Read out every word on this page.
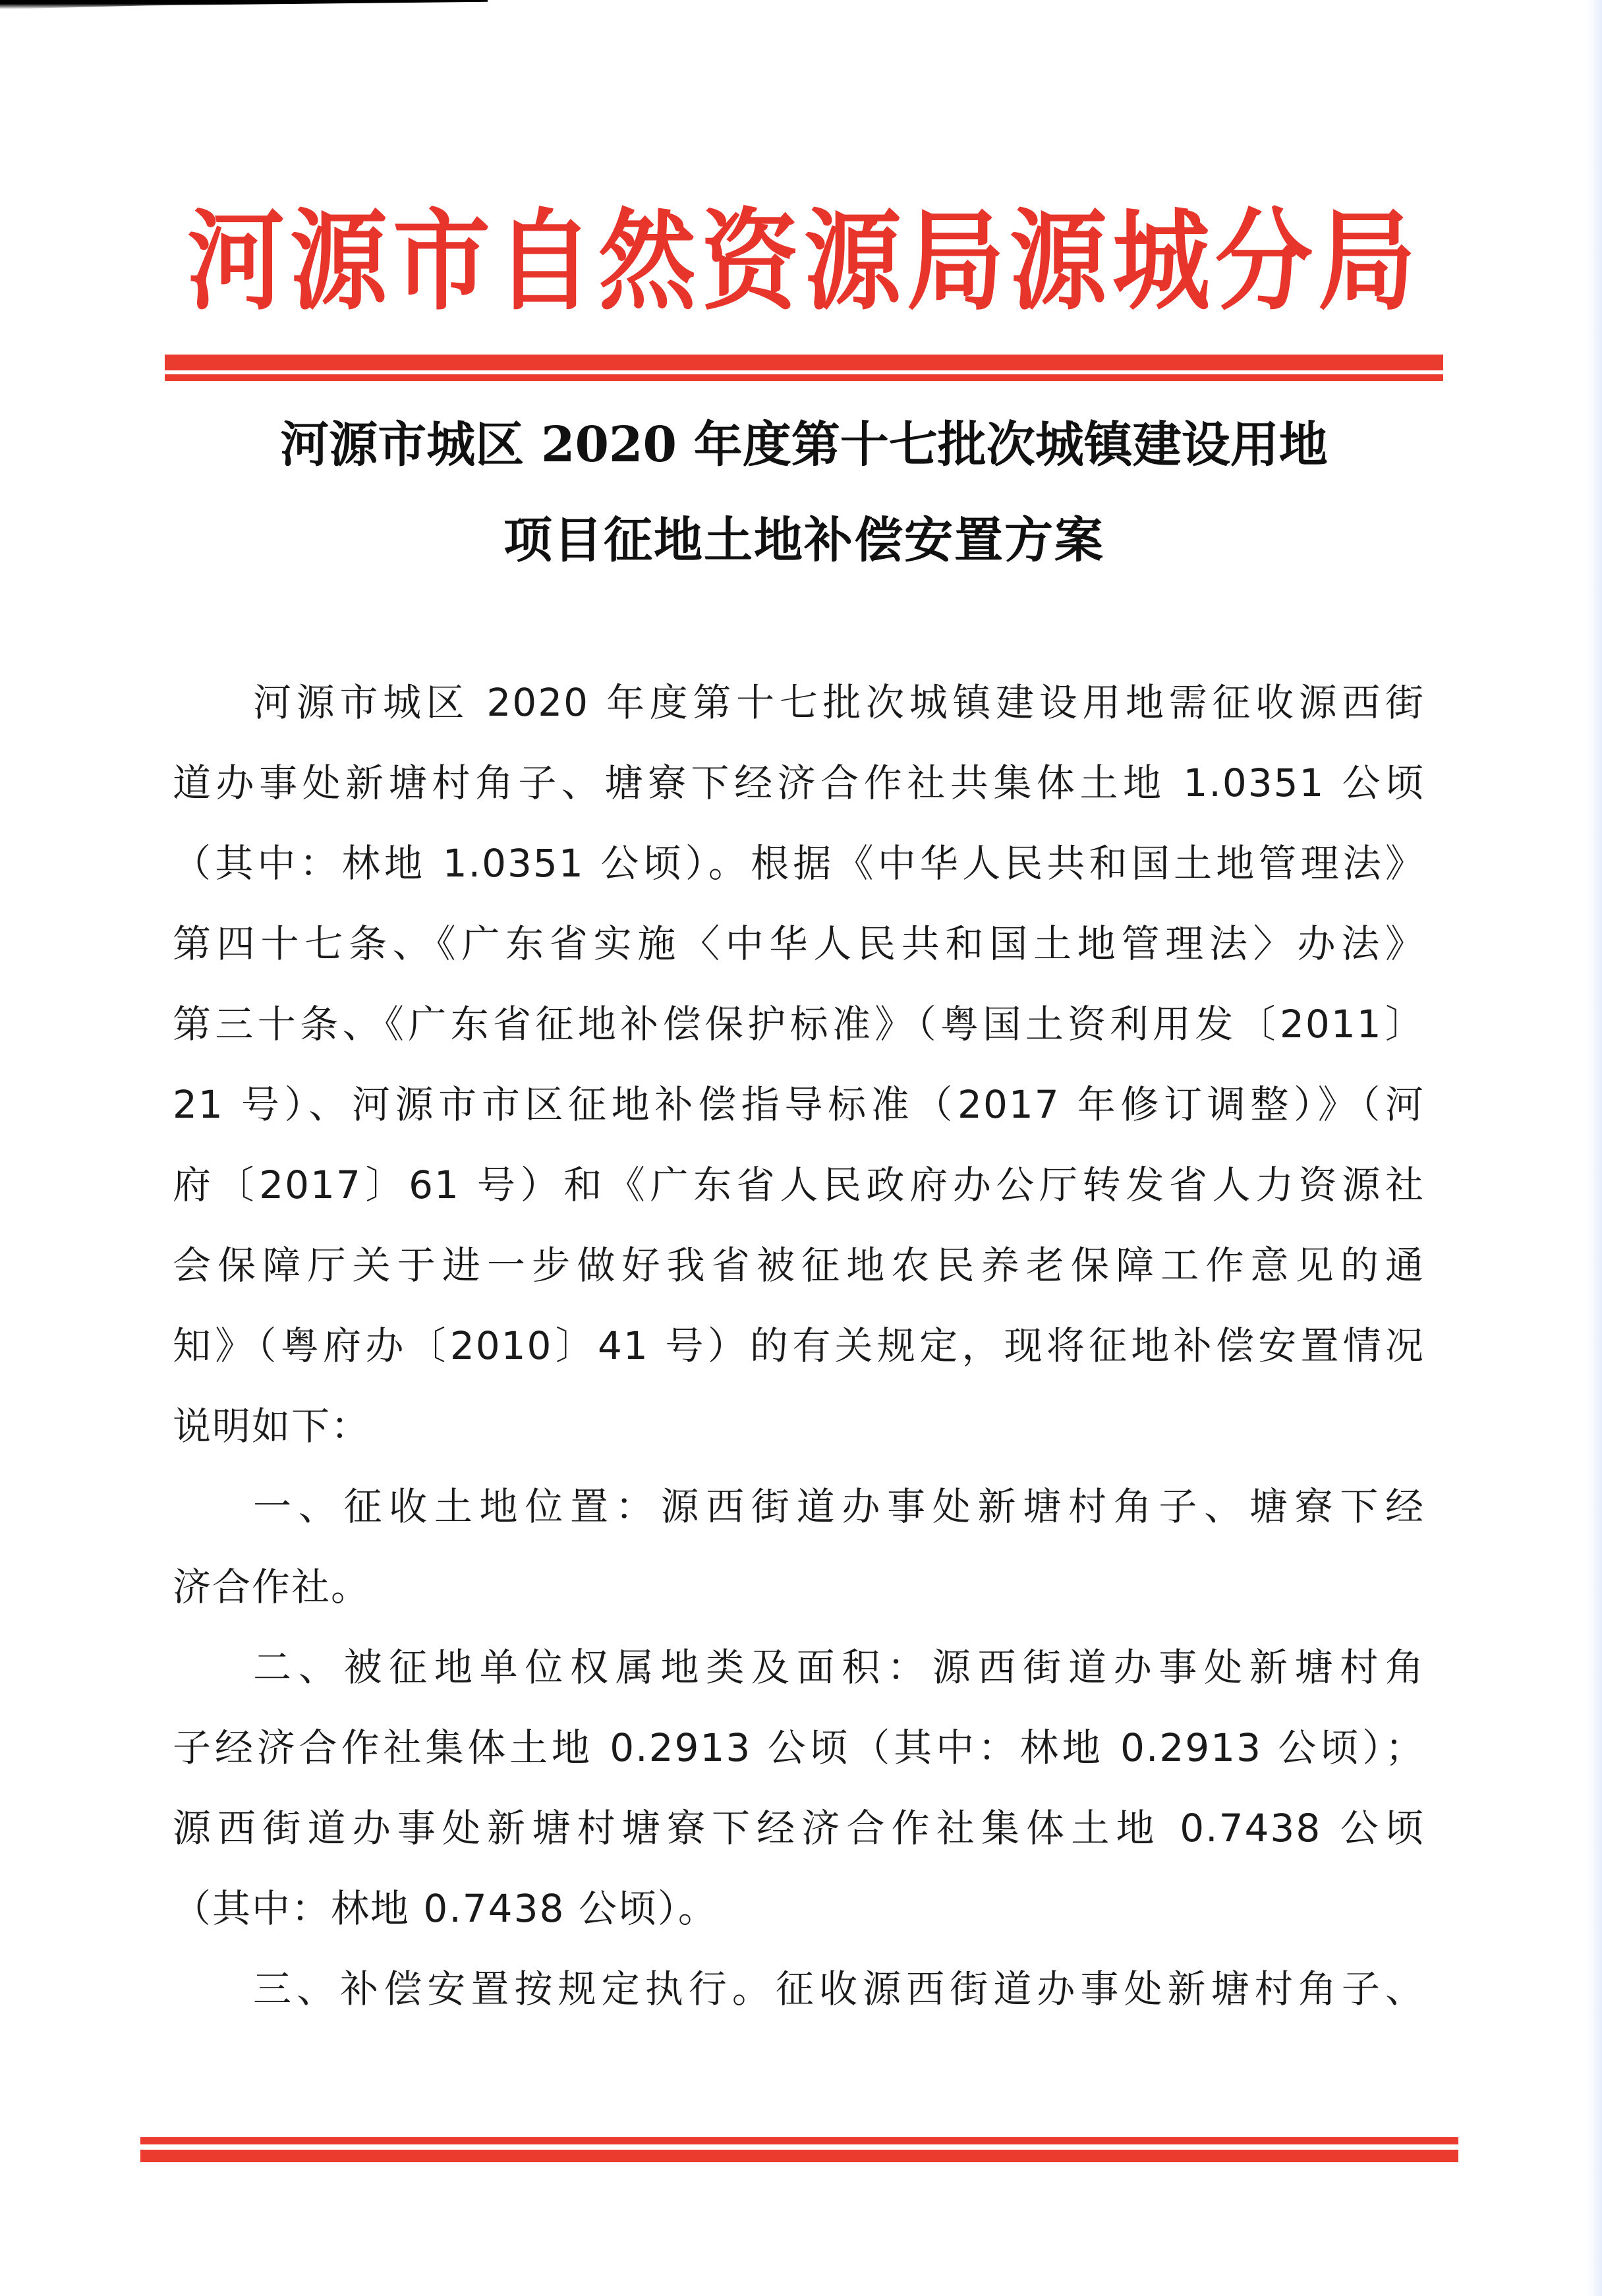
河源市自然资源局源城分局
河源市城区 2020 年度第十七批次城镇建设用地
项目征地土地补偿安置方案
河源市城区 2020 年度第十七批次城镇建设用地需征收源西街
道办事处新塘村角子、塘寮下经济合作社共集体土地 1.0351 公顷
（其中：林地 1.0351 公顷）。根据《中华人民共和国土地管理法》
第四十七条、《广东省实施〈中华人民共和国土地管理法〉办法》
第三十条、《广东省征地补偿保护标准》（粤国土资利用发〔2011〕
21 号）、河源市市区征地补偿指导标准（2017 年修订调整）》（河
府〔2017〕61 号）和《广东省人民政府办公厅转发省人力资源社
会保障厅关于进一步做好我省被征地农民养老保障工作意见的通
知》（粤府办〔2010〕41 号）的有关规定，现将征地补偿安置情况
说明如下：
一、征收土地位置：源西街道办事处新塘村角子、塘寮下经
济合作社。
二、被征地单位权属地类及面积：源西街道办事处新塘村角
子经济合作社集体土地 0.2913 公顷（其中：林地 0.2913 公顷）；
源西街道办事处新塘村塘寮下经济合作社集体土地 0.7438 公顷
（其中：林地 0.7438 公顷）。
三、补偿安置按规定执行。征收源西街道办事处新塘村角子、
